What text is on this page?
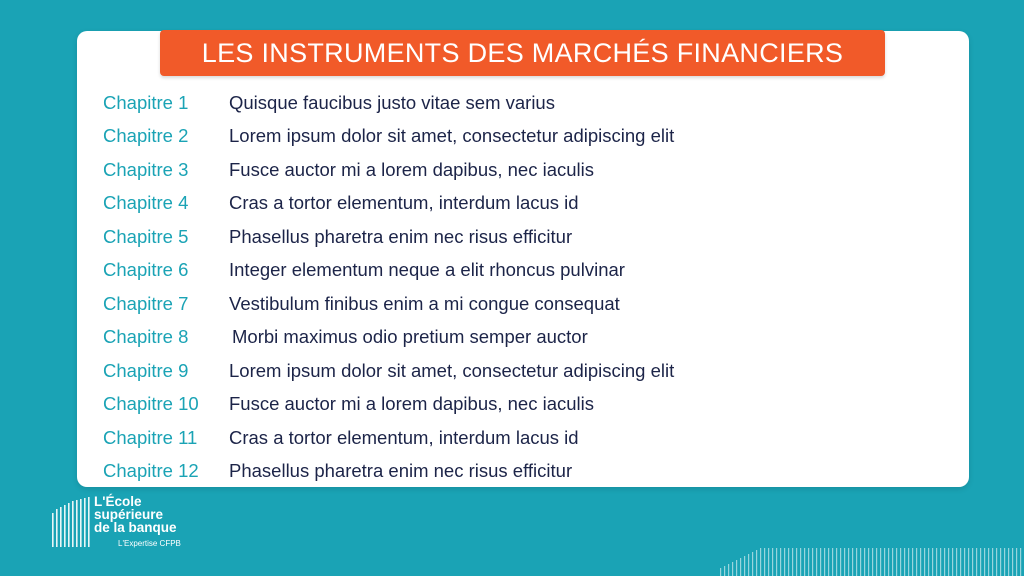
LES INSTRUMENTS DES MARCHÉS FINANCIERS
Chapitre 1	Quisque faucibus justo vitae sem varius
Chapitre 2	Lorem ipsum dolor sit amet, consectetur adipiscing elit
Chapitre 3	Fusce auctor mi a lorem dapibus, nec iaculis
Chapitre 4	Cras a tortor elementum, interdum lacus id
Chapitre 5	Phasellus pharetra enim nec risus efficitur
Chapitre 6	Integer elementum neque a elit rhoncus pulvinar
Chapitre 7	Vestibulum finibus enim a mi congue consequat
Chapitre 8	Morbi maximus odio pretium semper auctor
Chapitre 9	Lorem ipsum dolor sit amet, consectetur adipiscing elit
Chapitre 10	Fusce auctor mi a lorem dapibus, nec iaculis
Chapitre 11	Cras a tortor elementum, interdum lacus id
Chapitre 12	Phasellus pharetra enim nec risus efficitur
L'École
supérieure
de la banque
L'Expertise CFPB
